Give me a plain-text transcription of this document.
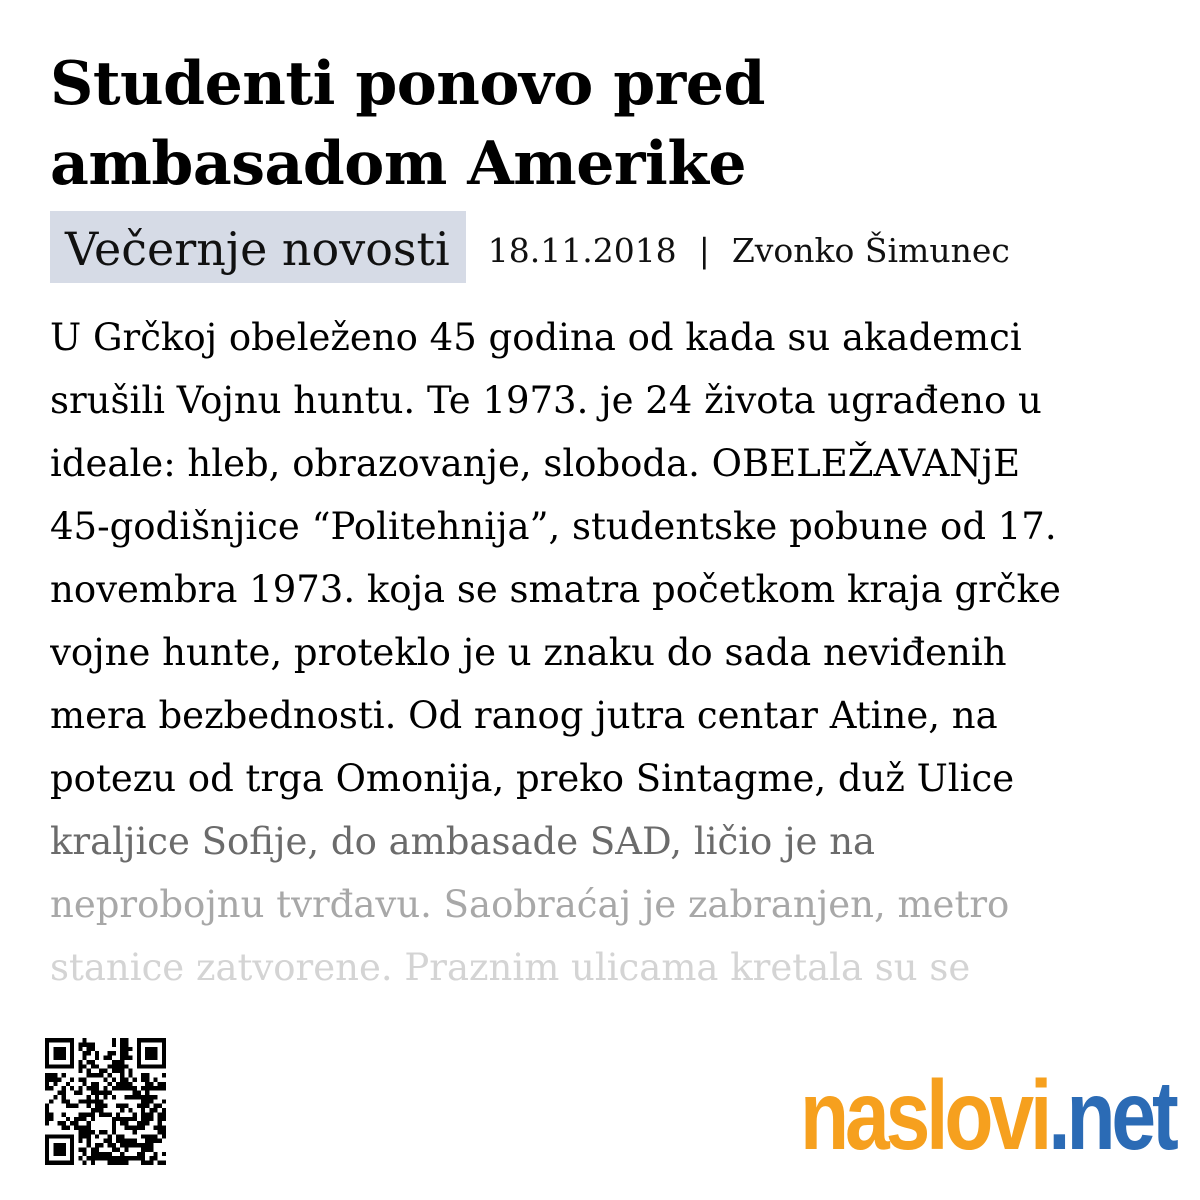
Studenti ponovo pred
ambasadom Amerike
Večernje novosti	18.11.2018 | Zvonko Šimunec
U Grčkoj obeleženo 45 godina od kada su akademci
srušili Vojnu huntu. Te 1973. je 24 života ugrađeno u
ideale: hleb, obrazovanje, sloboda. OBELEŽAVANjE
45-godišnjice “Politehnija”, studentske pobune od 17.
novembra 1973. koja se smatra početkom kraja grčke
vojne hunte, proteklo je u znaku do sada neviđenih
mera bezbednosti. Od ranog jutra centar Atine, na
potezu od trga Omonija, preko Sintagme, duž Ulice
kraljice Sofije, do ambasade SAD, ličio je na
neprobojnu tvrđavu. Saobraćaj je zabranjen, metro
stanice zatvorene. Praznim ulicama kretala su se
naslovi.net
